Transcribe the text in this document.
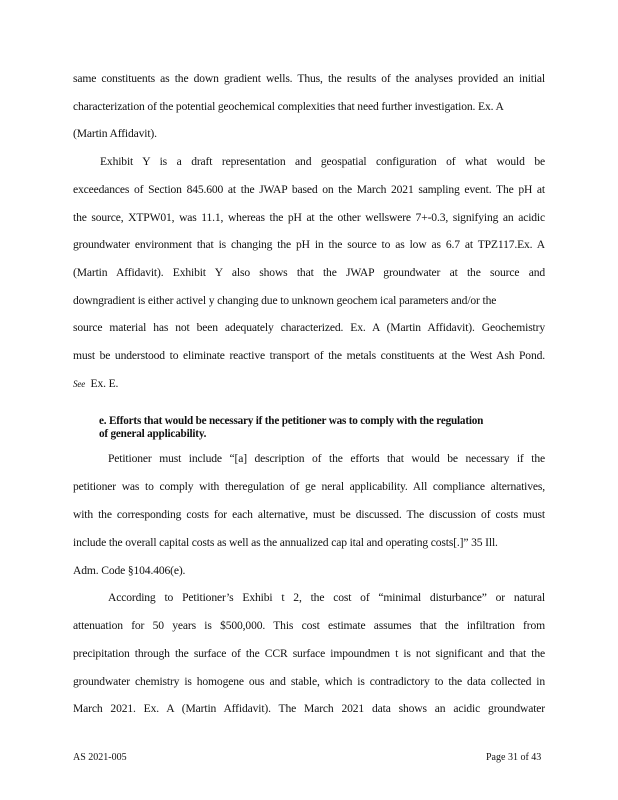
same constituents as the down gradient wells. Thus, the results of the analyses provided an initial
characterization of the potential geochemical complexities that need further investigation. Ex. A
(Martin Affidavit).
Exhibit Y is a draft representation and geospatial configuration of what would be
exceedances of Section 845.600 at the JWAP based on the March 2021 sampling event. The pH at
the source, XTPW01, was 11.1, whereas the pH at the other wellswere 7+-0.3, signifying an acidic
groundwater environment that is changing the pH in the source to as low as 6.7 at TPZ117.Ex. A
(Martin Affidavit). Exhibit Y also shows that the JWAP groundwater at the source and
downgradient is either activel y changing due to unknown geochem ical parameters and/or the
source material has not been adequately characterized. Ex. A (Martin Affidavit). Geochemistry
must be understood to eliminate reactive transport of the metals constituents at the West Ash Pond.
See  Ex. E.
e. Efforts that would be necessary if the petitioner was to comply with the regulation
of general applicability.
Petitioner must include “[a] description of the efforts that would be necessary if the
petitioner was to comply with theregulation of ge neral applicability. All compliance alternatives,
with the corresponding costs for each alternative, must be discussed. The discussion of costs must
include the overall capital costs as well as the annualized cap ital and operating costs[.]” 35 Ill.
Adm. Code §104.406(e).
According to Petitioner’s Exhibi t 2, the cost of “minimal disturbance” or natural
attenuation for 50 years is $500,000. This cost estimate assumes that the infiltration from
precipitation through the surface of the CCR surface impoundmen t is not significant and that the
groundwater chemistry is homogene ous and stable, which is contradictory to the data collected in
March 2021. Ex. A (Martin Affidavit). The March 2021 data shows an acidic groundwater
AS 2021-005	Page 31 of 43
